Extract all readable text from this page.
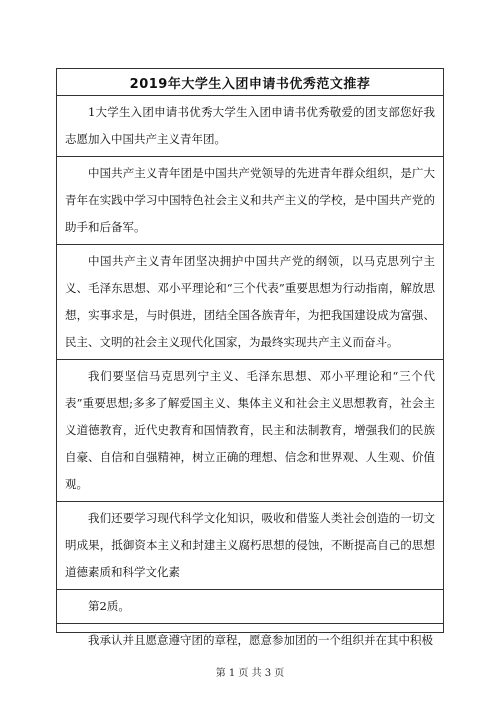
2019年大学生入团申请书优秀范文推荐
1大学生入团申请书优秀大学生入团申请书优秀敬爱的团支部您好我志愿加入中国共产主义青年团。
中国共产主义青年团是中国共产党领导的先进青年群众组织，是广大青年在实践中学习中国特色社会主义和共产主义的学校，是中国共产党的助手和后备军。
中国共产主义青年团坚决拥护中国共产党的纲领，以马克思列宁主义、毛泽东思想、邓小平理论和“三个代表”重要思想为行动指南，解放思想，实事求是，与时俱进，团结全国各族青年，为把我国建设成为富强、民主、文明的社会主义现代化国家，为最终实现共产主义而奋斗。
我们要坚信马克思列宁主义、毛泽东思想、邓小平理论和“三个代表”重要思想;多多了解爱国主义、集体主义和社会主义思想教育，社会主义道德教育，近代史教育和国情教育，民主和法制教育，增强我们的民族自豪、自信和自强精神，树立正确的理想、信念和世界观、人生观、价值观。
我们还要学习现代科学文化知识，吸收和借鉴人类社会创造的一切文明成果，抵御资本主义和封建主义腐朽思想的侵蚀，不断提高自己的思想道德素质和科学文化素
第2质。
我承认并且愿意遵守团的章程，愿意参加团的一个组织并在其中积极
第 1 页 共 3 页
